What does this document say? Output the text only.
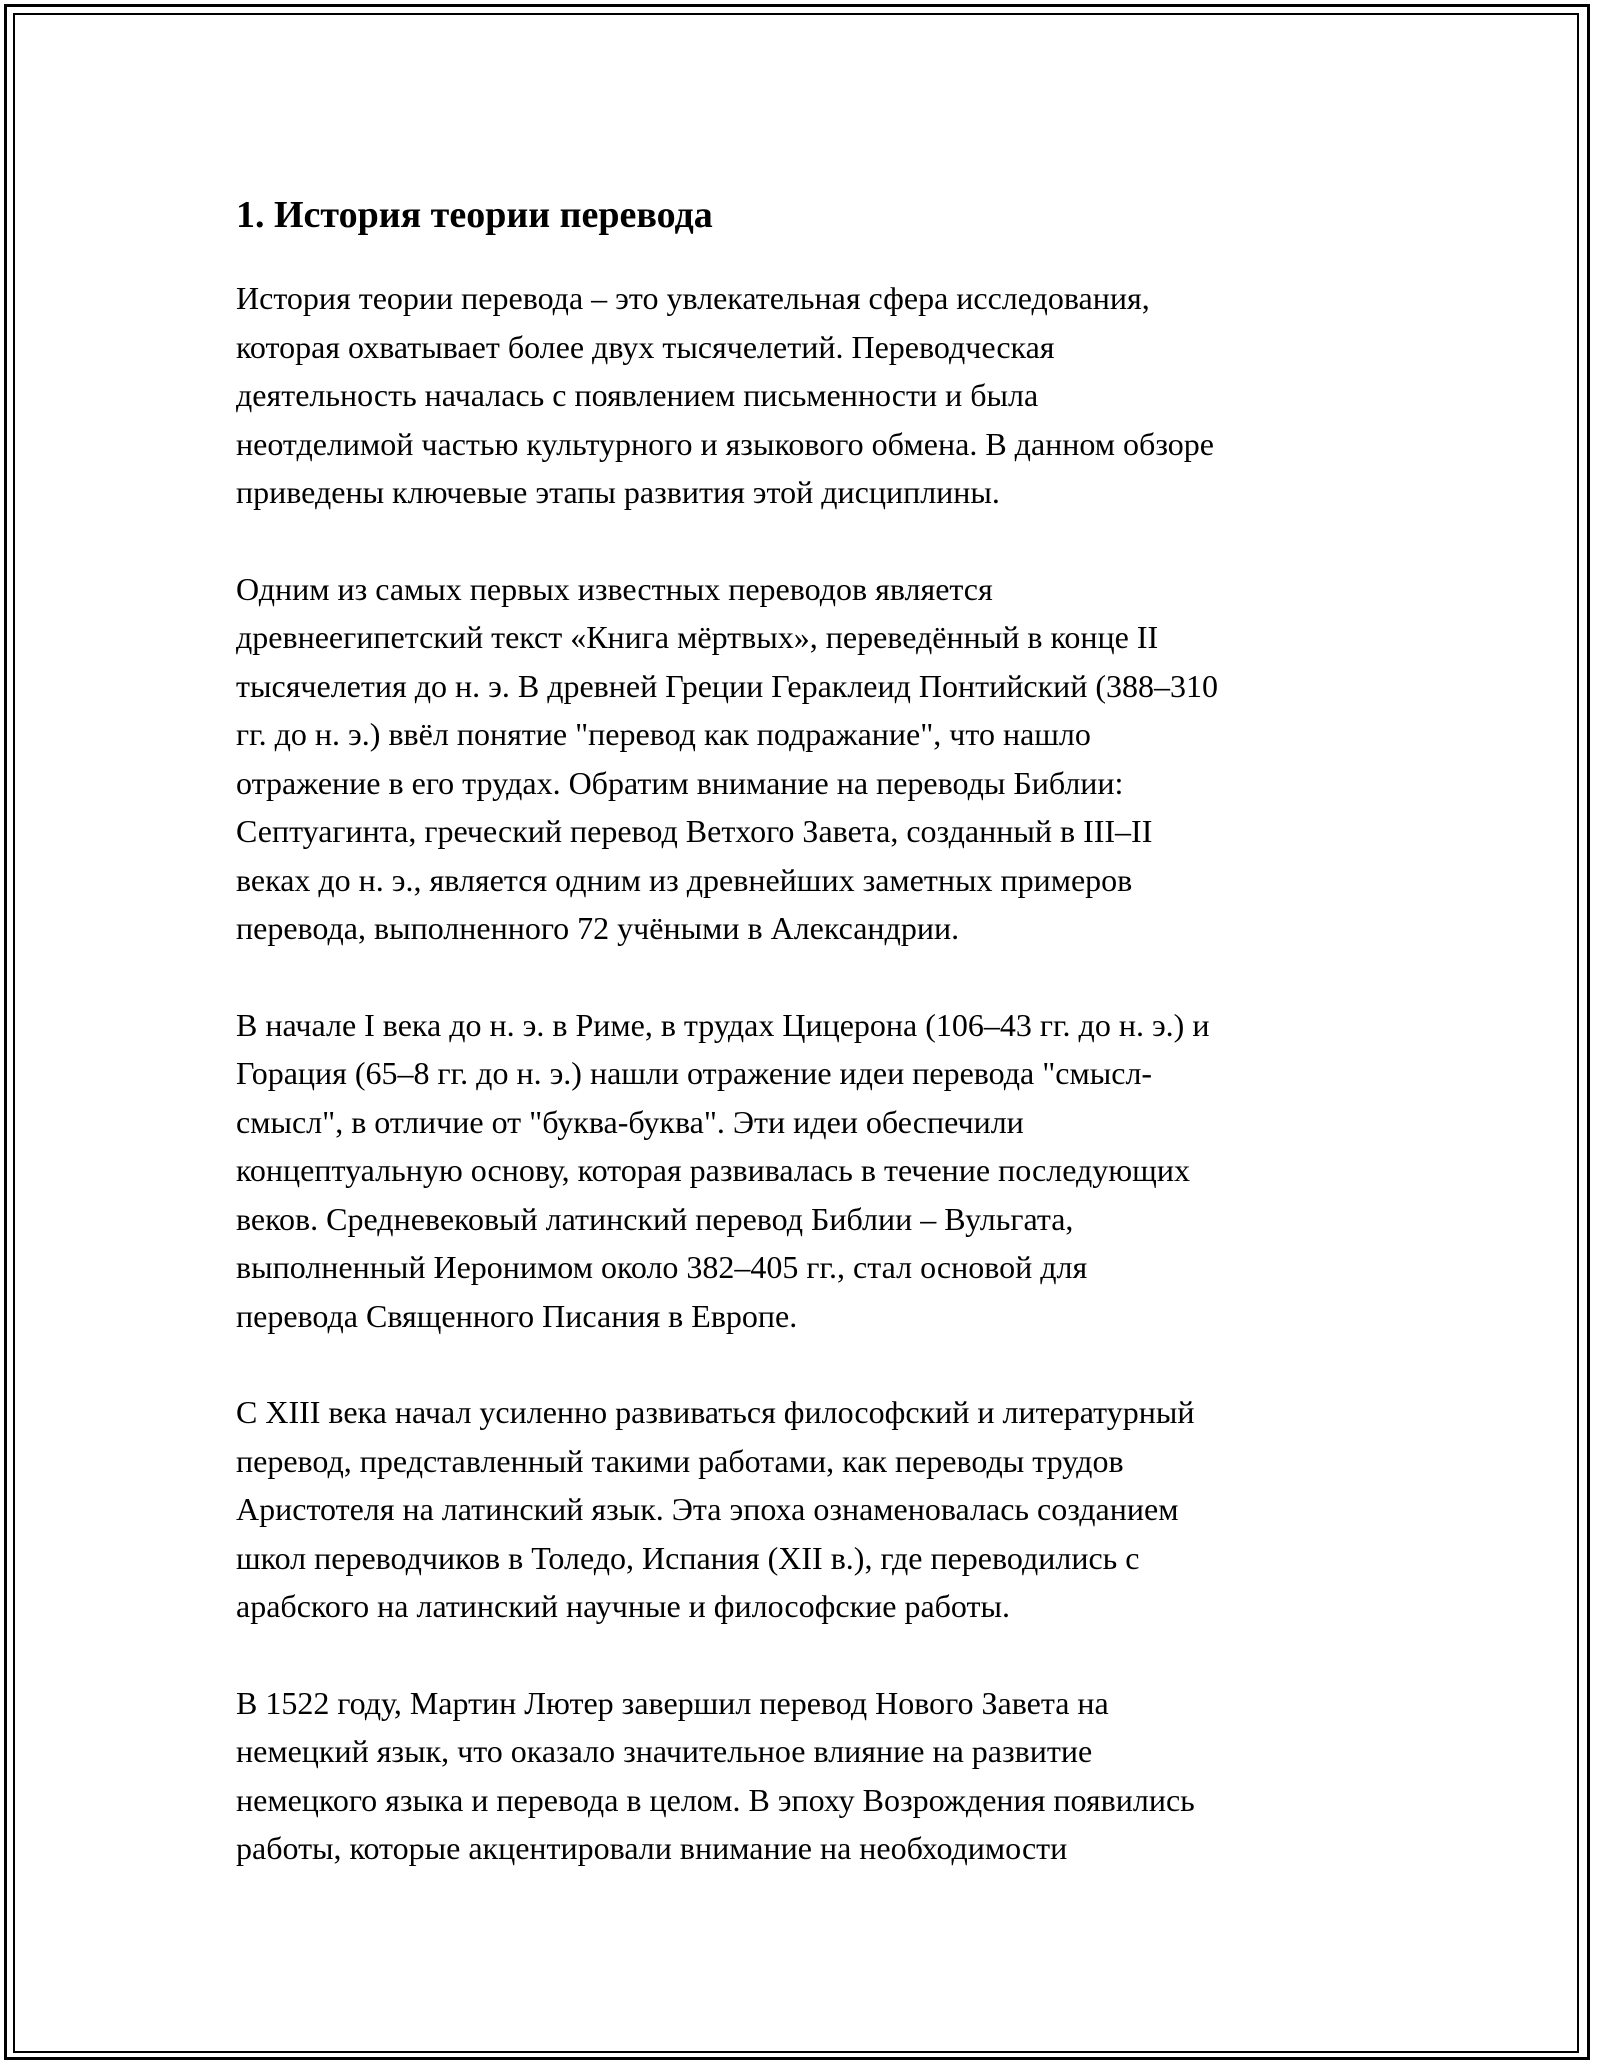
1. История теории перевода

История теории перевода – это увлекательная сфера исследования,
которая охватывает более двух тысячелетий. Переводческая
деятельность началась с появлением письменности и была
неотделимой частью культурного и языкового обмена. В данном обзоре
приведены ключевые этапы развития этой дисциплины.

Одним из самых первых известных переводов является
древнеегипетский текст «Книга мёртвых», переведённый в конце II
тысячелетия до н. э. В древней Греции Гераклеид Понтийский (388–310
гг. до н. э.) ввёл понятие "перевод как подражание", что нашло
отражение в его трудах. Обратим внимание на переводы Библии:
Септуагинта, греческий перевод Ветхого Завета, созданный в III–II
веках до н. э., является одним из древнейших заметных примеров
перевода, выполненного 72 учёными в Александрии.

В начале I века до н. э. в Риме, в трудах Цицерона (106–43 гг. до н. э.) и
Горация (65–8 гг. до н. э.) нашли отражение идеи перевода "смысл-
смысл", в отличие от "буква-буква". Эти идеи обеспечили
концептуальную основу, которая развивалась в течение последующих
веков. Средневековый латинский перевод Библии – Вульгата,
выполненный Иеронимом около 382–405 гг., стал основой для
перевода Священного Писания в Европе.

С XIII века начал усиленно развиваться философский и литературный
перевод, представленный такими работами, как переводы трудов
Аристотеля на латинский язык. Эта эпоха ознаменовалась созданием
школ переводчиков в Толедо, Испания (XII в.), где переводились с
арабского на латинский научные и философские работы.

В 1522 году, Мартин Лютер завершил перевод Нового Завета на
немецкий язык, что оказало значительное влияние на развитие
немецкого языка и перевода в целом. В эпоху Возрождения появились
работы, которые акцентировали внимание на необходимости
